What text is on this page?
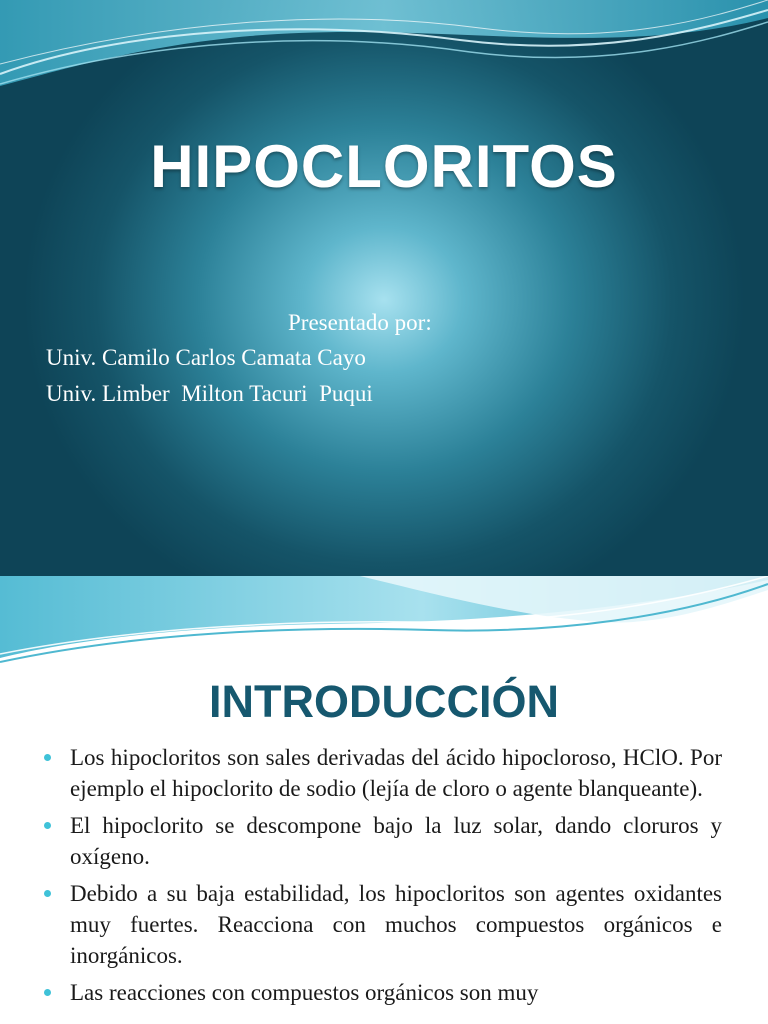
HIPOCLORITOS
Presentado por:
Univ. Camilo Carlos Camata Cayo
Univ. Limber  Milton Tacuri  Puqui
INTRODUCCIÓN
Los hipocloritos son sales derivadas del ácido hipocloroso, HClO. Por ejemplo el hipoclorito de sodio (lejía de cloro o agente blanqueante).
El hipoclorito se descompone bajo la luz solar, dando cloruros y oxígeno.
Debido a su baja estabilidad, los hipocloritos son agentes oxidantes muy fuertes. Reacciona con muchos compuestos orgánicos e inorgánicos.
Las reacciones con compuestos orgánicos son muy
